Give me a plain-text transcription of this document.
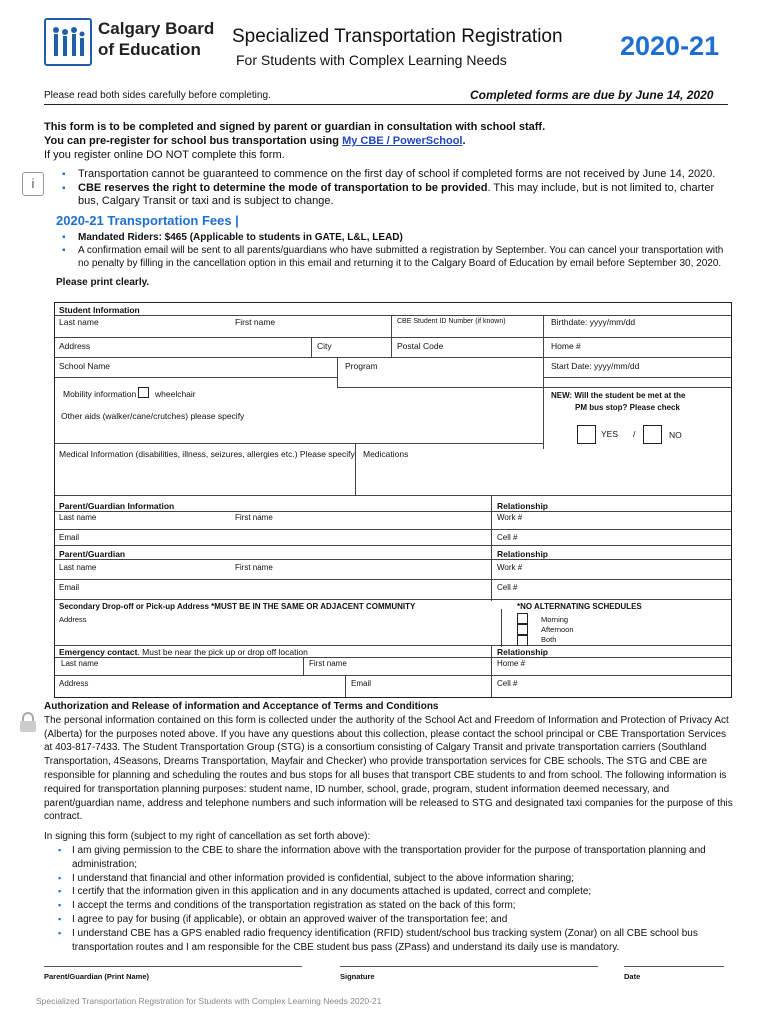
Calgary Board of Education
Specialized Transportation Registration
For Students with Complex Learning Needs	2020-21
Please read both sides carefully before completing.	Completed forms are due by June 14, 2020
This form is to be completed and signed by parent or guardian in consultation with school staff.
You can pre-register for school bus transportation using My CBE / PowerSchool.
If you register online DO NOT complete this form.
i
▪ Transportation cannot be guaranteed to commence on the first day of school if completed forms are not received by June 14, 2020.
▪ CBE reserves the right to determine the mode of transportation to be provided. This may include, but is not limited to, charter bus, Calgary Transit or taxi and is subject to change.
2020-21 Transportation Fees |
▪ Mandated Riders: $465 (Applicable to students in GATE, L&L, LEAD)
▪ A confirmation email will be sent to all parents/guardians who have submitted a registration by September. You can cancel your transportation with no penalty by filling in the cancellation option in this email and returning it to the Calgary Board of Education by email before September 30, 2020.
Please print clearly.
Student Information
Last name	First name	CBE Student ID Number (if known)	Birthdate: yyyy/mm/dd
Address	City	Postal Code	Home #
School Name	Program	Start Date: yyyy/mm/dd
Mobility information wheelchair
Other aids (walker/cane/crutches) please specify
NEW: Will the student be met at the
PM bus stop? Please check
YES /	NO
Medical Information (disabilities, illness, seizures, allergies etc.) Please specify Medications
Parent/Guardian Information	Relationship
Last name	First name	Work #
Email	Cell #
Parent/Guardian	Relationship
Last name	First name	Work #
Email	Cell #
Secondary Drop-off or Pick-up Address *MUST BE IN THE SAME OR ADJACENT COMMUNITY	*NO ALTERNATING SCHEDULES
Address	Morning
Afternoon
Both
Emergency contact. Must be near the pick up or drop off location	Relationship
Last name	First name	Home #
Address	Email	Cell #
Authorization and Release of information and Acceptance of Terms and Conditions
The personal information contained on this form is collected under the authority of the School Act and Freedom of Information and Protection of Privacy Act (Alberta) for the purposes noted above. If you have any questions about this collection, please contact the school principal or CBE Transportation Services at 403-817-7433. The Student Transportation Group (STG) is a consortium consisting of Calgary Transit and private transportation carriers (Southland Transportation, 4Seasons, Dreams Transportation, Mayfair and Checker) who provide transportation services for CBE schools. The STG and CBE are responsible for planning and scheduling the routes and bus stops for all buses that transport CBE students to and from school. The following information is required for transportation planning purposes: student name, ID number, school, grade, program, student information deemed necessary, and parent/guardian name, address and telephone numbers and such information will be released to STG and designated taxi companies for the purpose of this contract.
In signing this form (subject to my right of cancellation as set forth above):
▪ I am giving permission to the CBE to share the information above with the transportation provider for the purpose of transportation planning and administration;
▪ I understand that financial and other information provided is confidential, subject to the above information sharing;
▪ I certify that the information given in this application and in any documents attached is updated, correct and complete;
▪ I accept the terms and conditions of the transportation registration as stated on the back of this form;
▪ I agree to pay for busing (if applicable), or obtain an approved waiver of the transportation fee; and
▪ I understand CBE has a GPS enabled radio frequency identification (RFID) student/school bus tracking system (Zonar) on all CBE school bus transportation routes and I am responsible for the CBE student bus pass (ZPass) and understand its daily use is mandatory.
Parent/Guardian (Print Name)	Signature	Date
Specialized Transportation Registration for Students with Complex Learning Needs 2020-21
